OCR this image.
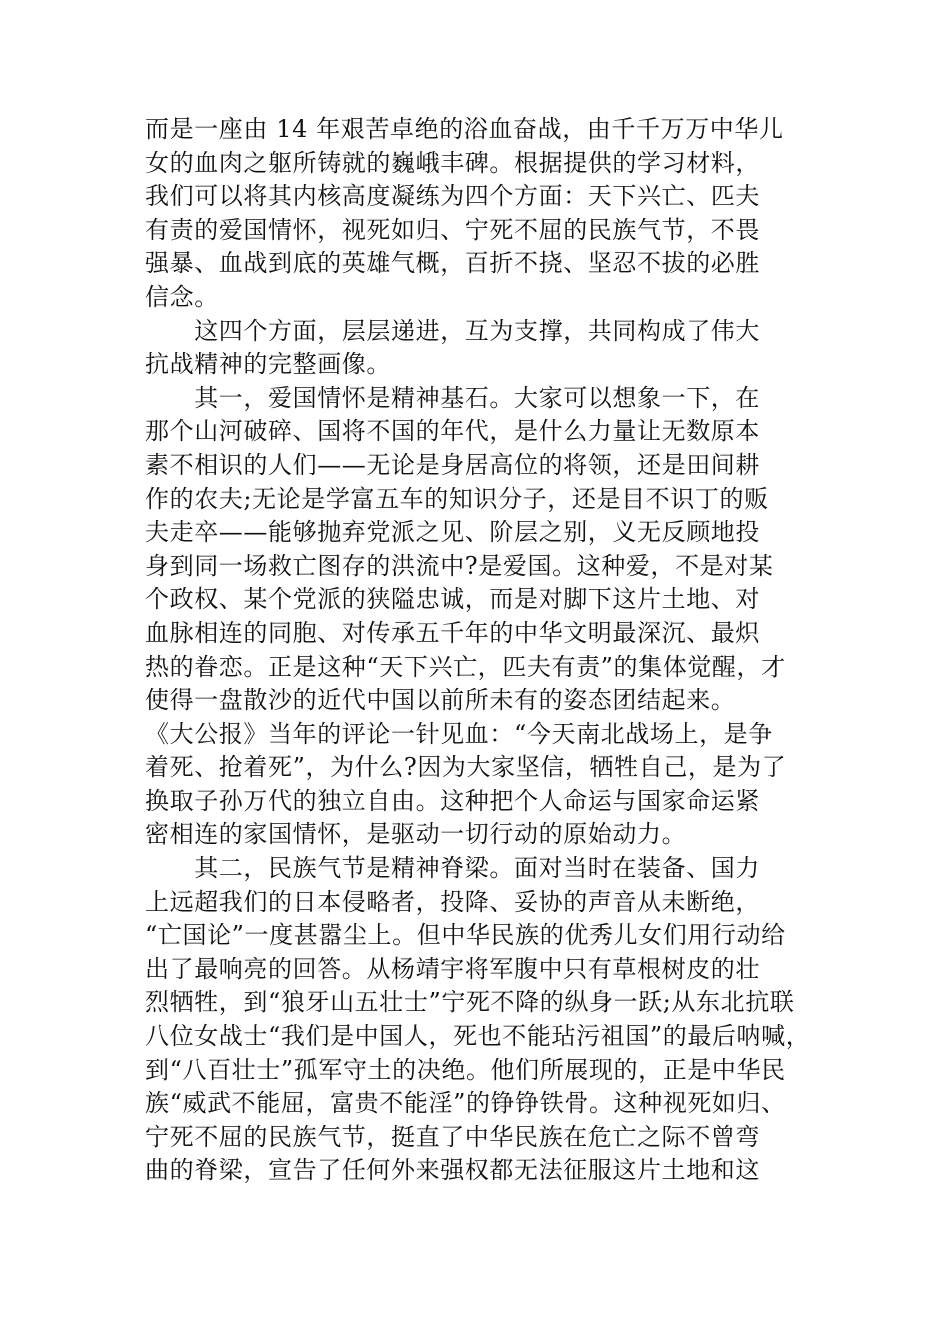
而是一座由 14 年艰苦卓绝的浴血奋战，由千千万万中华儿
女的血肉之躯所铸就的巍峨丰碑。根据提供的学习材料，
我们可以将其内核高度凝练为四个方面：天下兴亡、匹夫
有责的爱国情怀，视死如归、宁死不屈的民族气节，不畏
强暴、血战到底的英雄气概，百折不挠、坚忍不拔的必胜
信念。
　　这四个方面，层层递进，互为支撑，共同构成了伟大
抗战精神的完整画像。
　　其一，爱国情怀是精神基石。大家可以想象一下，在
那个山河破碎、国将不国的年代，是什么力量让无数原本
素不相识的人们——无论是身居高位的将领，还是田间耕
作的农夫;无论是学富五车的知识分子，还是目不识丁的贩
夫走卒——能够抛弃党派之见、阶层之别，义无反顾地投
身到同一场救亡图存的洪流中?是爱国。这种爱，不是对某
个政权、某个党派的狭隘忠诚，而是对脚下这片土地、对
血脉相连的同胞、对传承五千年的中华文明最深沉、最炽
热的眷恋。正是这种“天下兴亡，匹夫有责”的集体觉醒，才
使得一盘散沙的近代中国以前所未有的姿态团结起来。
《大公报》当年的评论一针见血：“今天南北战场上，是争
着死、抢着死”，为什么?因为大家坚信，牺牲自己，是为了
换取子孙万代的独立自由。这种把个人命运与国家命运紧
密相连的家国情怀，是驱动一切行动的原始动力。
　　其二，民族气节是精神脊梁。面对当时在装备、国力
上远超我们的日本侵略者，投降、妥协的声音从未断绝，
“亡国论”一度甚嚣尘上。但中华民族的优秀儿女们用行动给
出了最响亮的回答。从杨靖宇将军腹中只有草根树皮的壮
烈牺牲，到“狼牙山五壮士”宁死不降的纵身一跃;从东北抗联
八位女战士“我们是中国人，死也不能玷污祖国”的最后呐喊，
到“八百壮士”孤军守土的决绝。他们所展现的，正是中华民
族“威武不能屈，富贵不能淫”的铮铮铁骨。这种视死如归、
宁死不屈的民族气节，挺直了中华民族在危亡之际不曾弯
曲的脊梁，宣告了任何外来强权都无法征服这片土地和这
